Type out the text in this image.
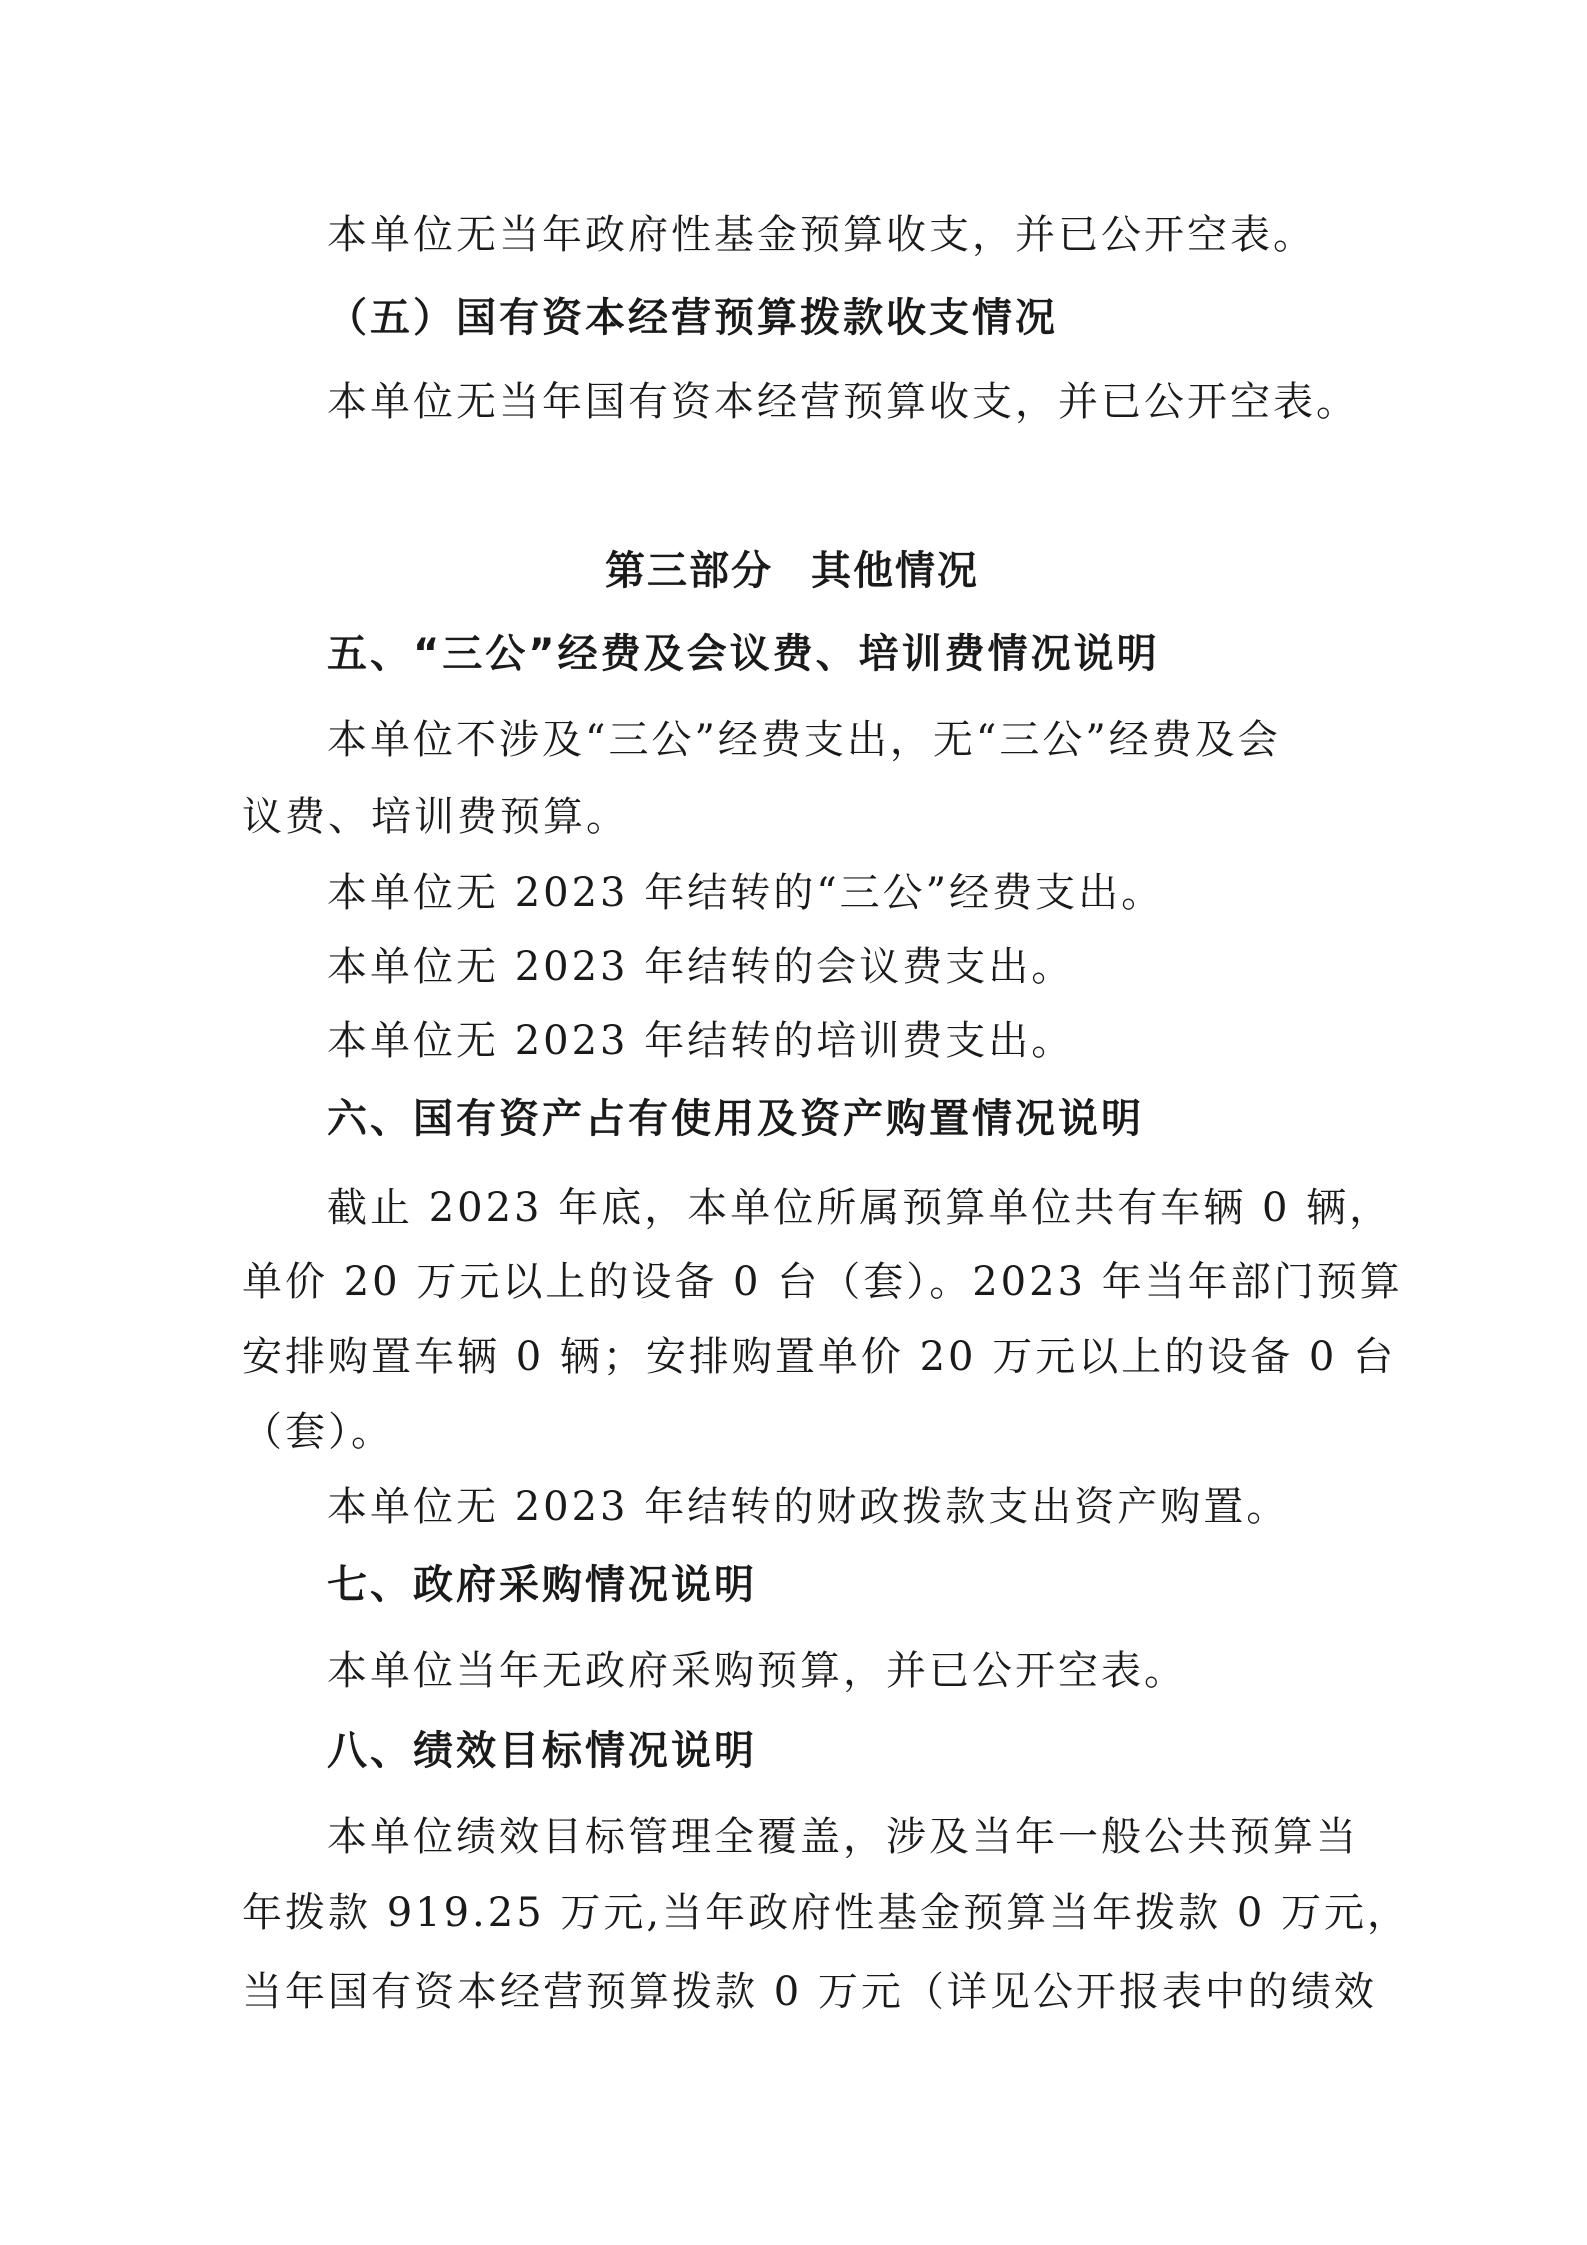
本单位无当年政府性基金预算收支，并已公开空表。
（五）国有资本经营预算拨款收支情况
本单位无当年国有资本经营预算收支，并已公开空表。
第三部分 其他情况
五、“三公”经费及会议费、培训费情况说明
本单位不涉及“三公”经费支出，无“三公”经费及会
议费、培训费预算。
本单位无 2023 年结转的“三公”经费支出。
本单位无 2023 年结转的会议费支出。
本单位无 2023 年结转的培训费支出。
六、国有资产占有使用及资产购置情况说明
截止 2023 年底，本单位所属预算单位共有车辆 0 辆，
单价 20 万元以上的设备 0 台（套）。2023 年当年部门预算
安排购置车辆 0 辆；安排购置单价 20 万元以上的设备 0 台
（套）。
本单位无 2023 年结转的财政拨款支出资产购置。
七、政府采购情况说明
本单位当年无政府采购预算，并已公开空表。
八、绩效目标情况说明
本单位绩效目标管理全覆盖，涉及当年一般公共预算当
年拨款 919.25 万元,当年政府性基金预算当年拨款 0 万元，
当年国有资本经营预算拨款 0 万元（详见公开报表中的绩效
